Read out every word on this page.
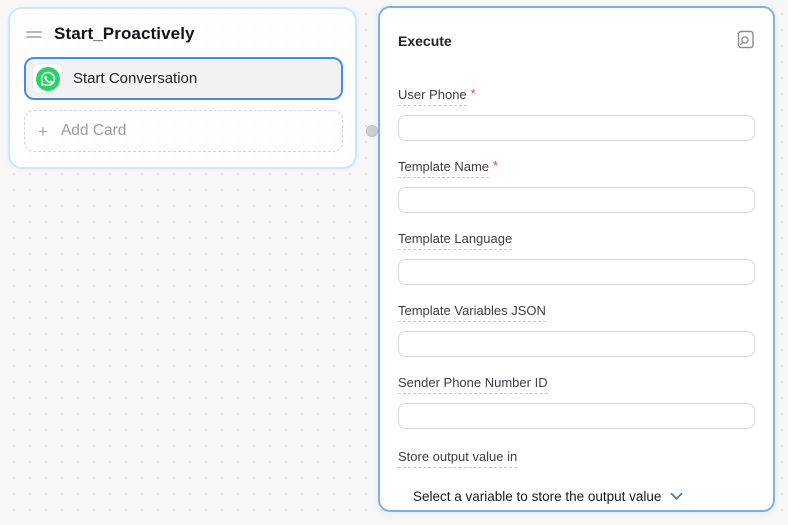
Start_Proactively
Start Conversation
+ Add Card
Execute
User Phone *
Template Name *
Template Language
Template Variables JSON
Sender Phone Number ID
Store output value in
Select a variable to store the output value
